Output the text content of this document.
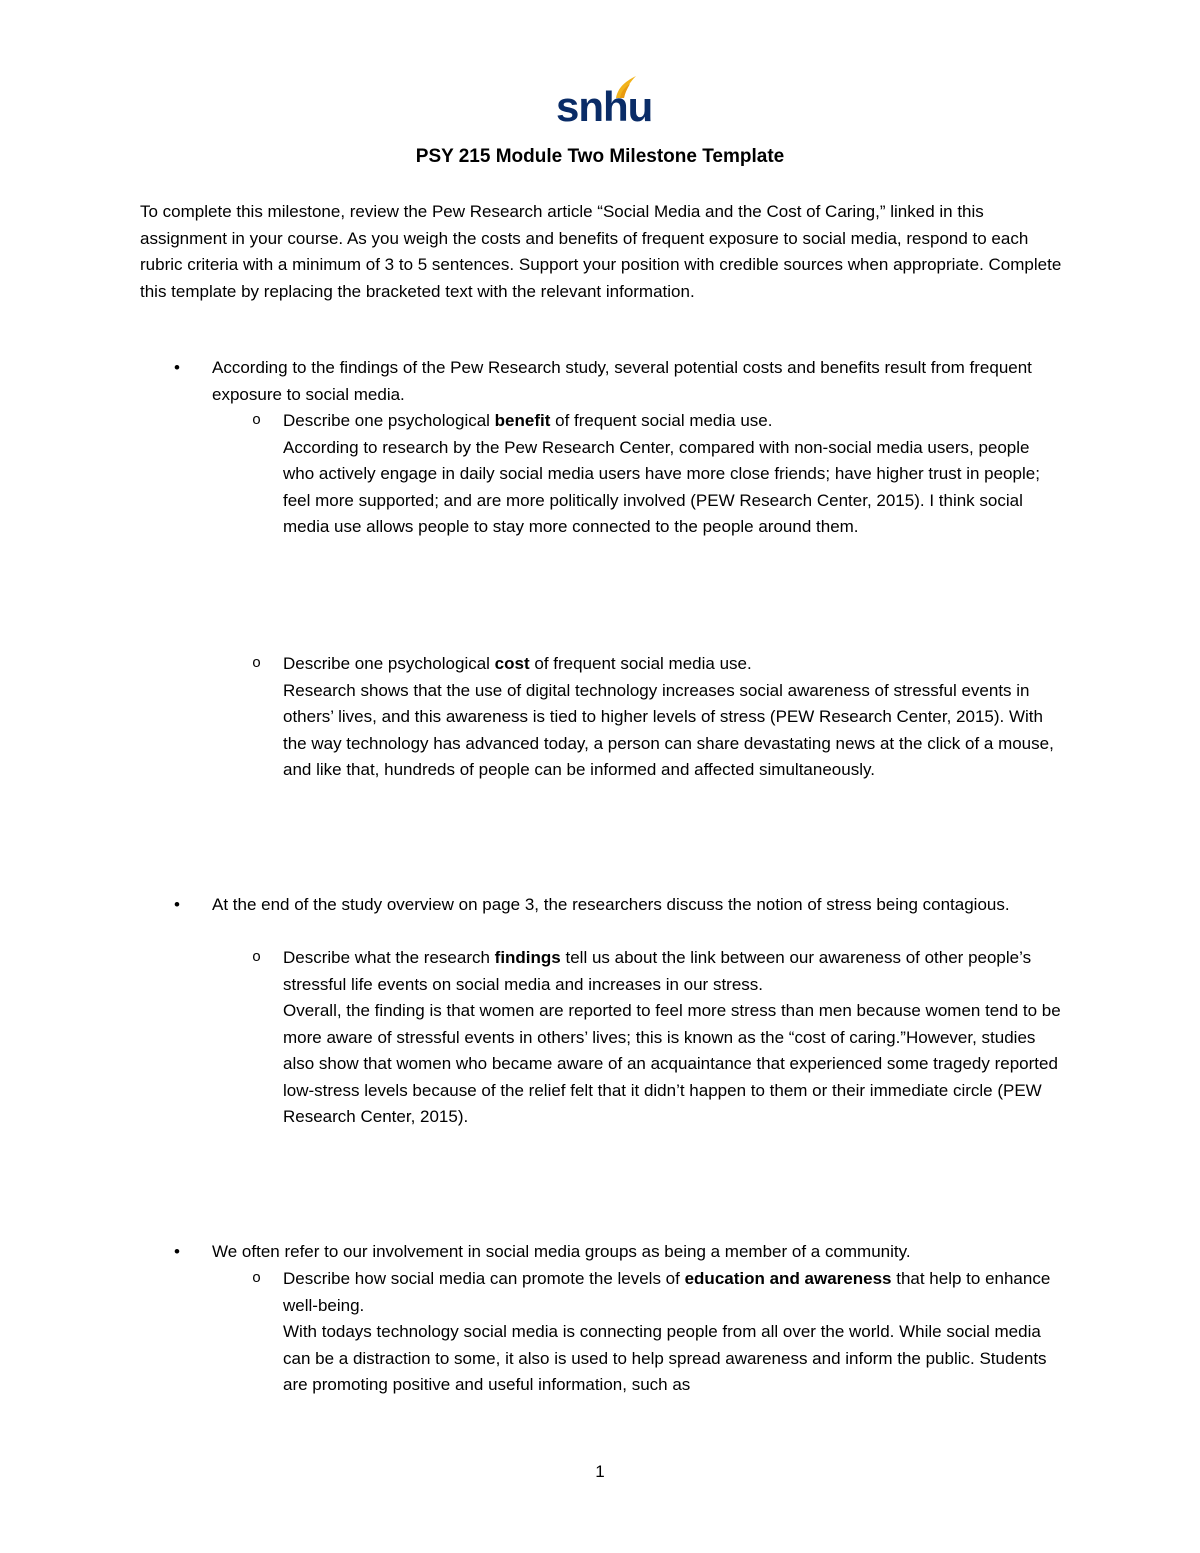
snhu
PSY 215 Module Two Milestone Template
To complete this milestone, review the Pew Research article “Social Media and the Cost of Caring,” linked in this assignment in your course. As you weigh the costs and benefits of frequent exposure to social media, respond to each rubric criteria with a minimum of 3 to 5 sentences. Support your position with credible sources when appropriate. Complete this template by replacing the bracketed text with the relevant information.
• According to the findings of the Pew Research study, several potential costs and benefits result from frequent exposure to social media.
o Describe one psychological benefit of frequent social media use.

According to research by the Pew Research Center, compared with non-social media users, people who actively engage in daily social media users have more close friends; have higher trust in people; feel more supported; and are more politically involved (PEW Research Center, 2015). I think social media use allows people to stay more connected to the people around them.

o Describe one psychological cost of frequent social media use.

Research shows that the use of digital technology increases social awareness of stressful events in others’ lives, and this awareness is tied to higher levels of stress (PEW Research Center, 2015). With the way technology has advanced today, a person can share devastating news at the click of a mouse, and like that, hundreds of people can be informed and affected simultaneously.

• At the end of the study overview on page 3, the researchers discuss the notion of stress being contagious.
o Describe what the research findings tell us about the link between our awareness of other people’s stressful life events on social media and increases in our stress.

Overall, the finding is that women are reported to feel more stress than men because women tend to be more aware of stressful events in others’ lives; this is known as the “cost of caring.”However, studies also show that women who became aware of an acquaintance that experienced some tragedy reported low-stress levels because of the relief felt that it didn’t happen to them or their immediate circle (PEW Research Center, 2015).

• We often refer to our involvement in social media groups as being a member of a community.
o Describe how social media can promote the levels of education and awareness that help to enhance well-being.

With todays technology social media is connecting people from all over the world. While social media can be a distraction to some, it also is used to help spread awareness and inform the public. Students are promoting positive and useful information, such as

1
